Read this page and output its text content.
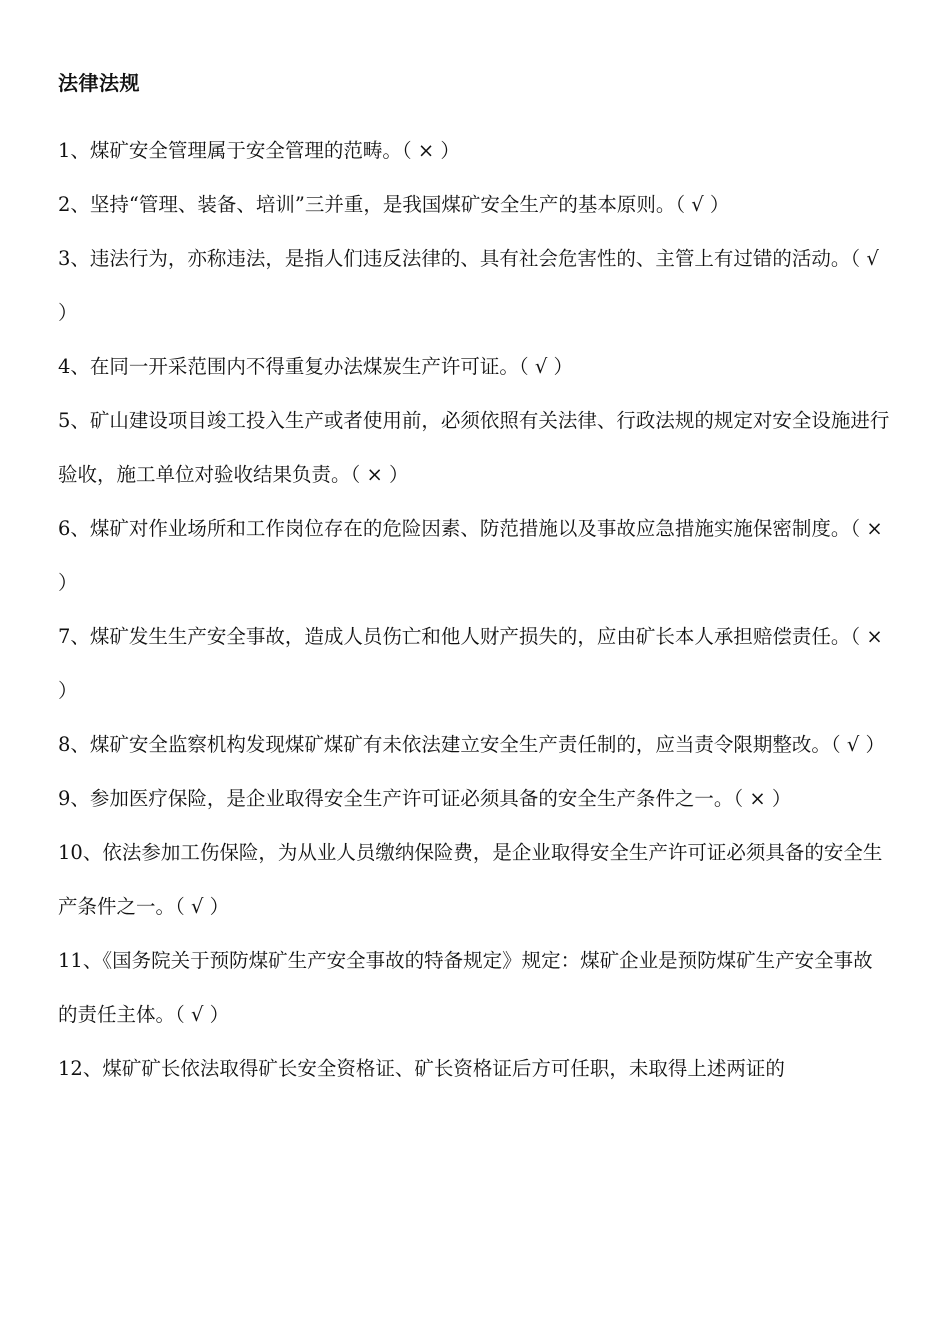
法律法规
1、煤矿安全管理属于安全管理的范畴。（ × ）
2、坚持“管理、装备、培训”三并重，是我国煤矿安全生产的基本原则。（ √ ）
3、违法行为，亦称违法，是指人们违反法律的、具有社会危害性的、主管上有过错的活动。（ √ ）
4、在同一开采范围内不得重复办法煤炭生产许可证。（ √ ）
5、矿山建设项目竣工投入生产或者使用前，必须依照有关法律、行政法规的规定对安全设施进行验收，施工单位对验收结果负责。（ × ）
6、煤矿对作业场所和工作岗位存在的危险因素、防范措施以及事故应急措施实施保密制度。（ × ）
7、煤矿发生生产安全事故，造成人员伤亡和他人财产损失的，应由矿长本人承担赔偿责任。（ × ）
8、煤矿安全监察机构发现煤矿煤矿有未依法建立安全生产责任制的，应当责令限期整改。（ √ ）
9、参加医疗保险，是企业取得安全生产许可证必须具备的安全生产条件之一。（ × ）
10、依法参加工伤保险，为从业人员缴纳保险费，是企业取得安全生产许可证必须具备的安全生产条件之一。（ √ ）
11、《国务院关于预防煤矿生产安全事故的特备规定》规定：煤矿企业是预防煤矿生产安全事故的责任主体。（ √ ）
12、煤矿矿长依法取得矿长安全资格证、矿长资格证后方可任职，未取得上述两证的
